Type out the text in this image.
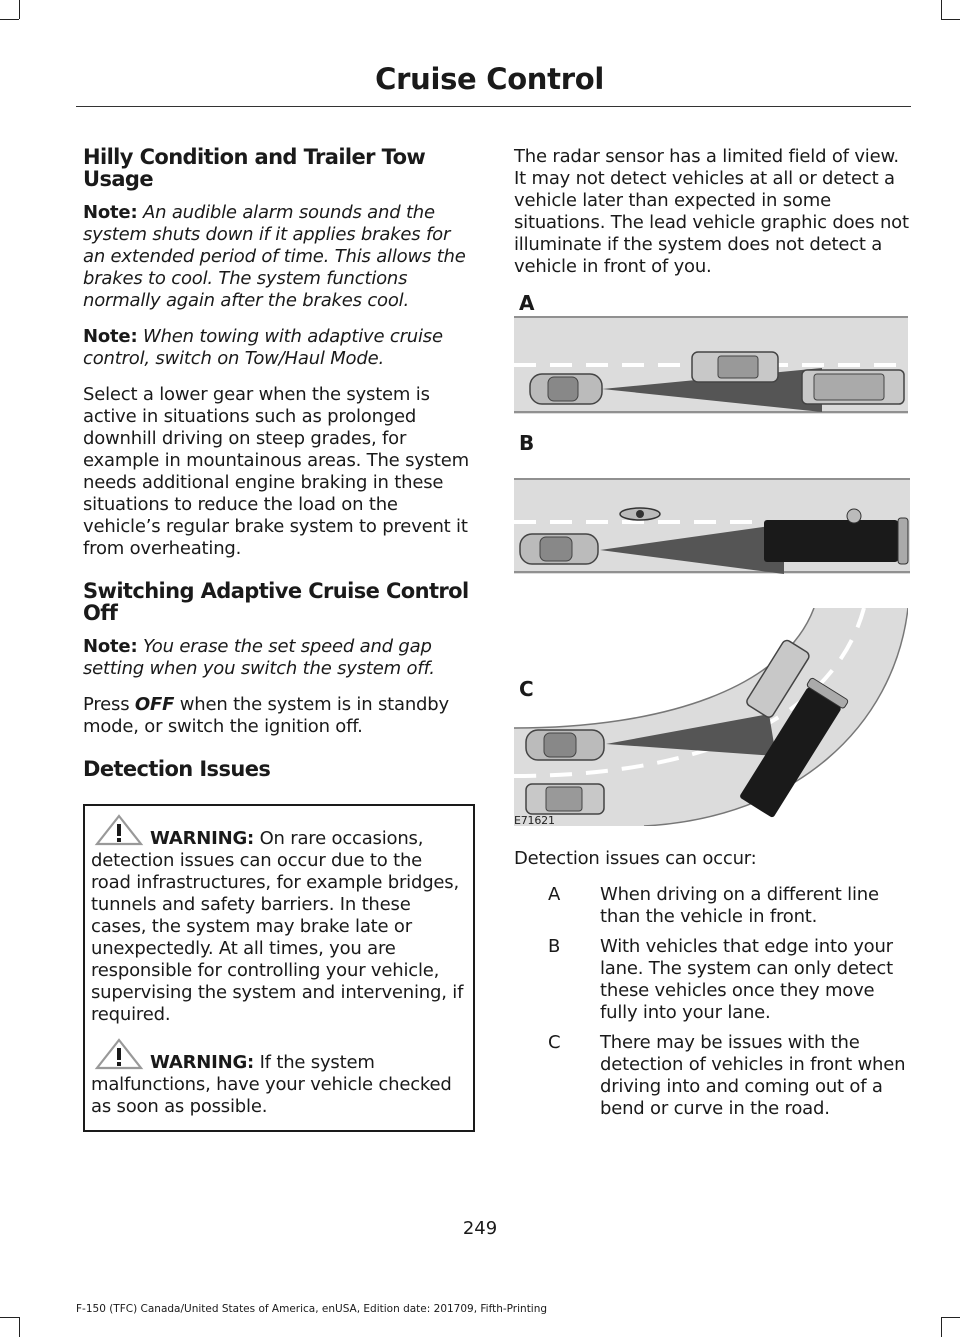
Cruise Control
Hilly Condition and Trailer Tow Usage

Note: An audible alarm sounds and the system shuts down if it applies brakes for an extended period of time. This allows the brakes to cool. The system functions normally again after the brakes cool.

Note: When towing with adaptive cruise control, switch on Tow/Haul Mode.

Select a lower gear when the system is active in situations such as prolonged downhill driving on steep grades, for example in mountainous areas. The system needs additional engine braking in these situations to reduce the load on the vehicle’s regular brake system to prevent it from overheating.

Switching Adaptive Cruise Control Off

Note: You erase the set speed and gap setting when you switch the system off.

Press OFF when the system is in standby mode, or switch the ignition off.

Detection Issues
WARNING: On rare occasions,
detection issues can occur due to the road infrastructures, for example bridges, tunnels and safety barriers. In these cases, the system may brake late or unexpectedly. At all times, you are responsible for controlling your vehicle, supervising the system and intervening, if required.
WARNING: If the system
malfunctions, have your vehicle checked as soon as possible.

The radar sensor has a limited field of view. It may not detect vehicles at all or detect a vehicle later than expected in some situations. The lead vehicle graphic does not illuminate if the system does not detect a vehicle in front of you.

A
B
C
E71621

Detection issues can occur:

A	When driving on a different line than the vehicle in front.
B	With vehicles that edge into your lane. The system can only detect these vehicles once they move fully into your lane.
C	There may be issues with the detection of vehicles in front when driving into and coming out of a bend or curve in the road.
249
F-150 (TFC) Canada/United States of America, enUSA, Edition date: 201709, Fifth-Printing
